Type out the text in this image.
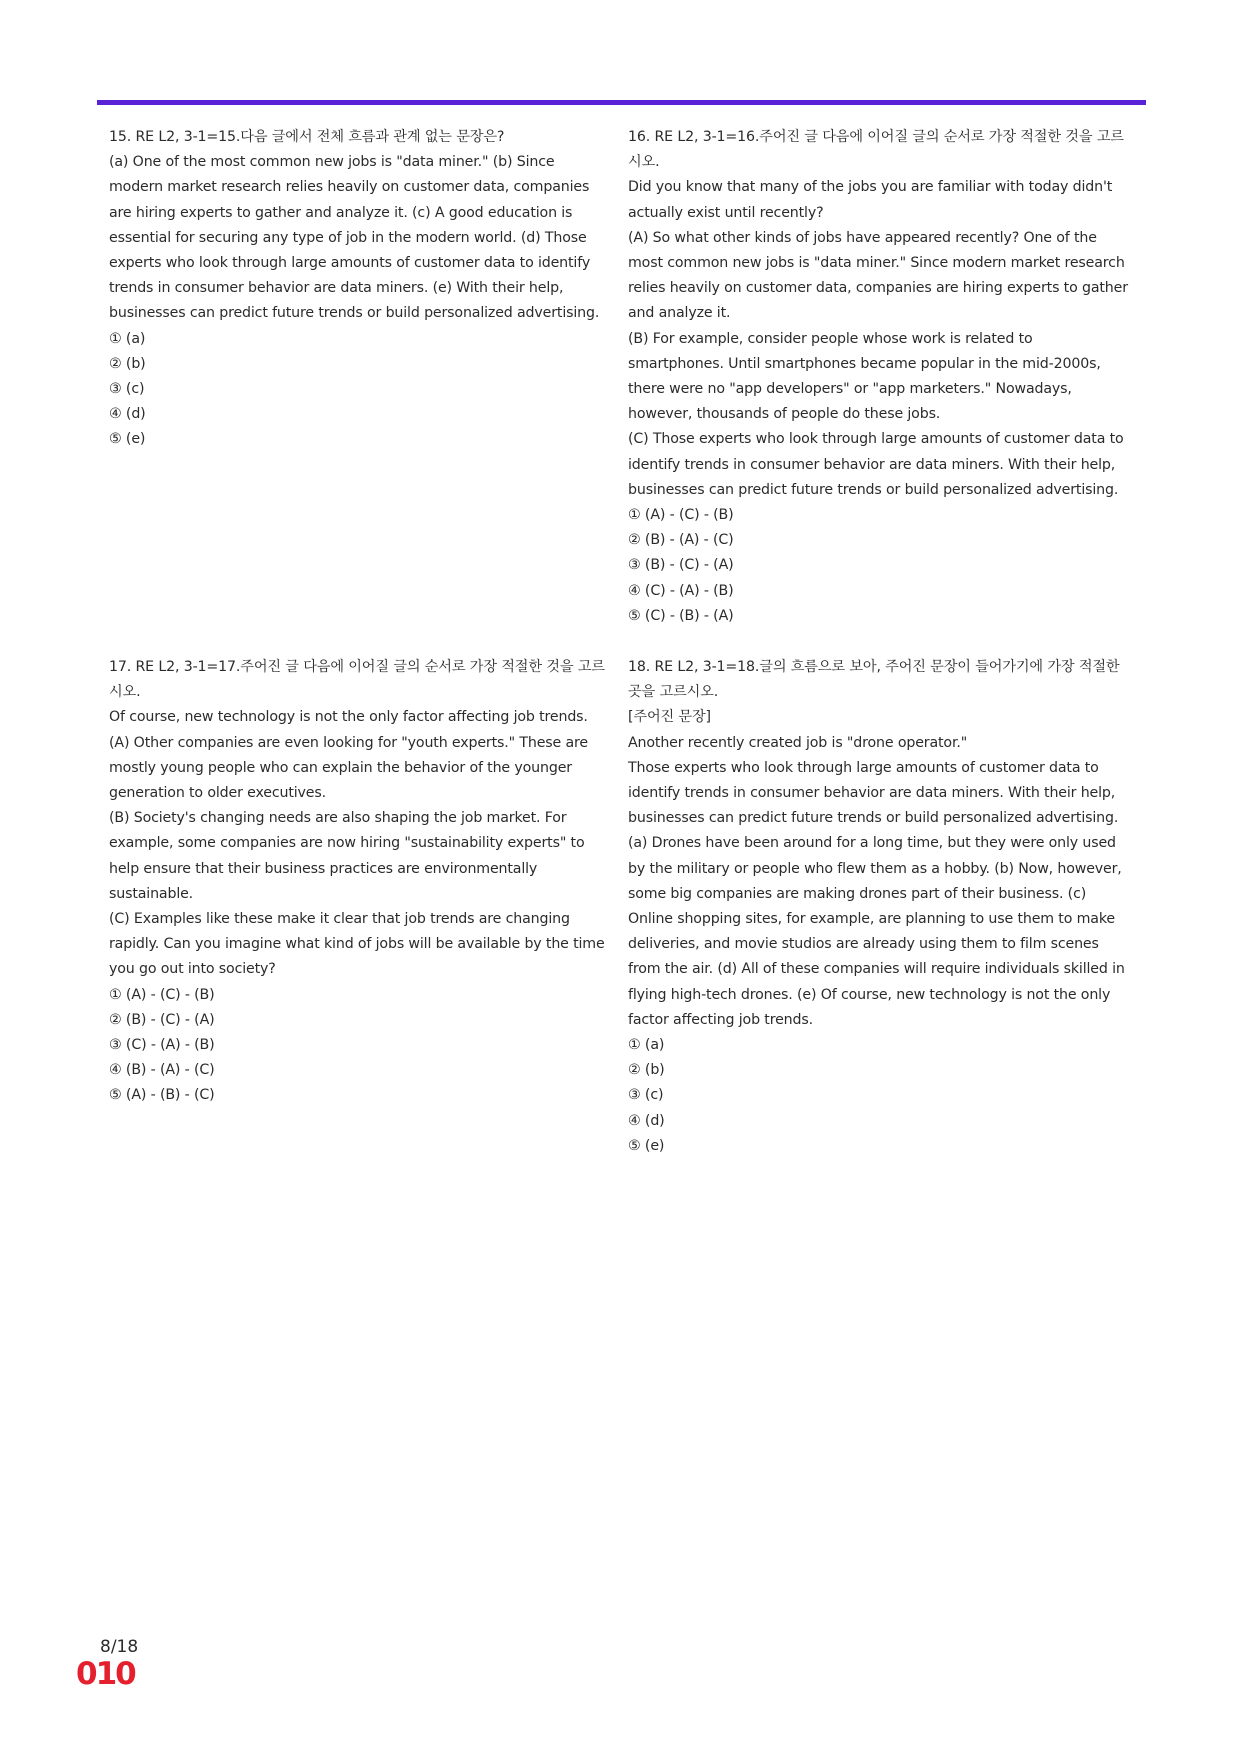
15. RE L2, 3-1=15.다음 글에서 전체 흐름과 관계 없는 문장은?

(a) One of the most common new jobs is "data miner." (b) Since modern market research relies heavily on customer data, companies are hiring experts to gather and analyze it. (c) A good education is essential for securing any type of job in the modern world. (d) Those experts who look through large amounts of customer data to identify trends in consumer behavior are data miners. (e) With their help, businesses can predict future trends or build personalized advertising.

① (a)
② (b)
③ (c)
④ (d)
⑤ (e)

16. RE L2, 3-1=16.주어진 글 다음에 이어질 글의 순서로 가장 적절한 것을 고르시오.

Did you know that many of the jobs you are familiar with today didn't actually exist until recently?

(A) So what other kinds of jobs have appeared recently? One of the most common new jobs is "data miner." Since modern market research relies heavily on customer data, companies are hiring experts to gather and analyze it.

(B) For example, consider people whose work is related to smartphones. Until smartphones became popular in the mid-2000s, there were no "app developers" or "app marketers." Nowadays, however, thousands of people do these jobs.

(C) Those experts who look through large amounts of customer data to identify trends in consumer behavior are data miners. With their help, businesses can predict future trends or build personalized advertising.

① (A) - (C) - (B)
② (B) - (A) - (C)
③ (B) - (C) - (A)
④ (C) - (A) - (B)
⑤ (C) - (B) - (A)

17. RE L2, 3-1=17.주어진 글 다음에 이어질 글의 순서로 가장 적절한 것을 고르시오.

Of course, new technology is not the only factor affecting job trends.

(A) Other companies are even looking for "youth experts." These are mostly young people who can explain the behavior of the younger generation to older executives.

(B) Society's changing needs are also shaping the job market. For example, some companies are now hiring "sustainability experts" to help ensure that their business practices are environmentally sustainable.

(C) Examples like these make it clear that job trends are changing rapidly. Can you imagine what kind of jobs will be available by the time you go out into society?

① (A) - (C) - (B)
② (B) - (C) - (A)
③ (C) - (A) - (B)
④ (B) - (A) - (C)
⑤ (A) - (B) - (C)

18. RE L2, 3-1=18.글의 흐름으로 보아, 주어진 문장이 들어가기에 가장 적절한 곳을 고르시오.

[주어진 문장]

Another recently created job is "drone operator."

Those experts who look through large amounts of customer data to identify trends in consumer behavior are data miners. With their help, businesses can predict future trends or build personalized advertising. (a) Drones have been around for a long time, but they were only used by the military or people who flew them as a hobby. (b) Now, however, some big companies are making drones part of their business. (c) Online shopping sites, for example, are planning to use them to make deliveries, and movie studios are already using them to film scenes from the air. (d) All of these companies will require individuals skilled in flying high-tech drones. (e) Of course, new technology is not the only factor affecting job trends.

① (a)
② (b)
③ (c)
④ (d)
⑤ (e)
8/18
010
